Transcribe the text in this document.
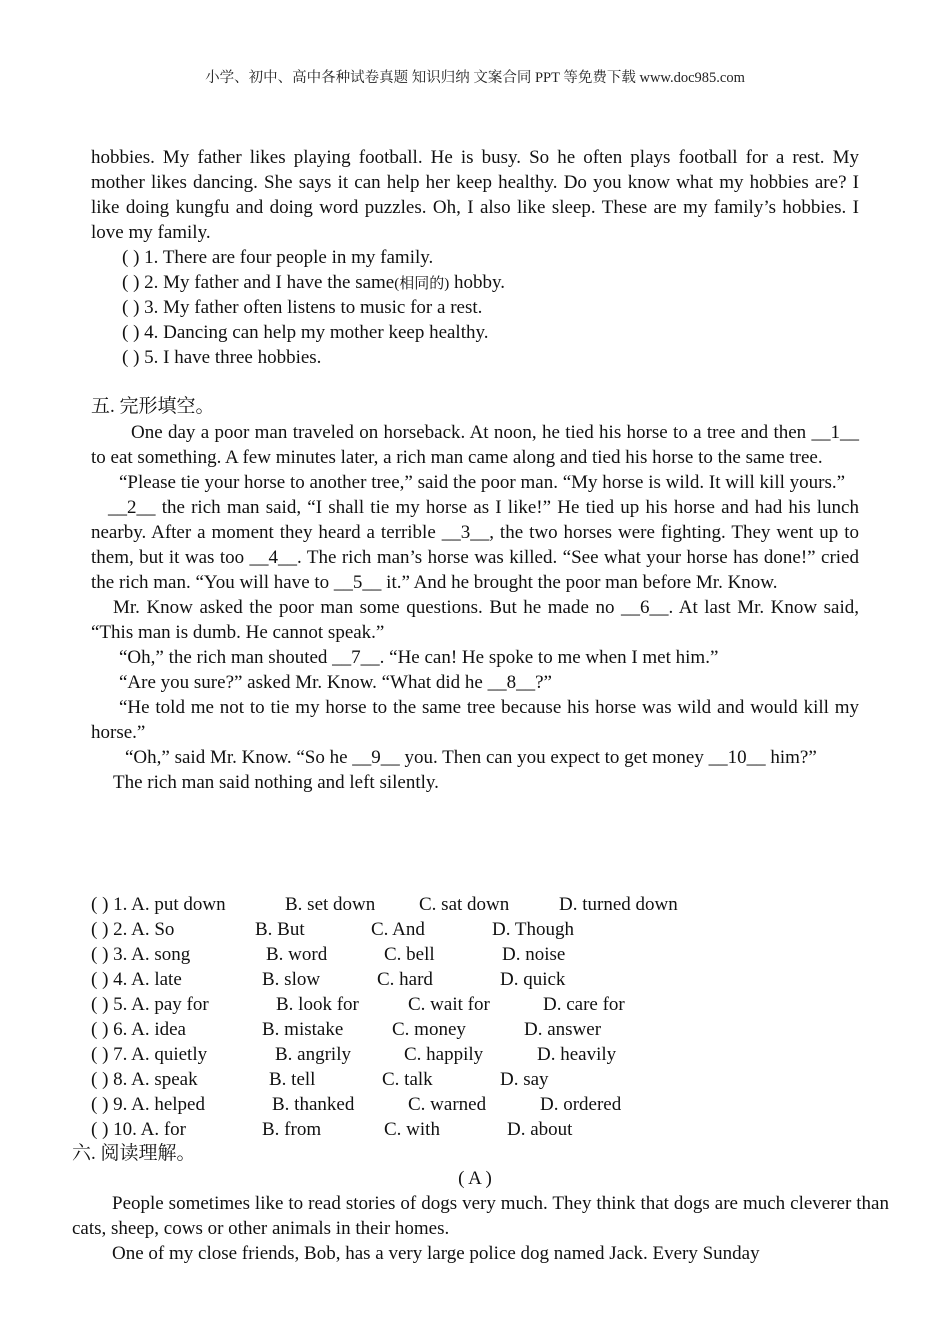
小学、初中、高中各种试卷真题 知识归纳 文案合同 PPT 等免费下载 www.doc985.com
hobbies. My father likes playing football. He is busy. So he often plays football for a rest. My mother likes dancing. She says it can help her keep healthy. Do you know what my hobbies are? I like doing kungfu and doing word puzzles. Oh, I also like sleep. These are my family’s hobbies. I love my family.
( ) 1. There are four people in my family.
( ) 2. My father and I have the same(相同的) hobby.
( ) 3. My father often listens to music for a rest.
( ) 4. Dancing can help my mother keep healthy.
( ) 5. I have three hobbies.
五. 完形填空。
One day a poor man traveled on horseback. At noon, he tied his horse to a tree and then __1__ to eat something. A few minutes later, a rich man came along and tied his horse to the same tree.
“Please tie your horse to another tree,” said the poor man. “My horse is wild. It will kill yours.”
__2__ the rich man said, “I shall tie my horse as I like!” He tied up his horse and had his lunch nearby. After a moment they heard a terrible __3__, the two horses were fighting. They went up to them, but it was too __4__. The rich man’s horse was killed. “See what your horse has done!” cried the rich man. “You will have to __5__ it.” And he brought the poor man before Mr. Know.
Mr. Know asked the poor man some questions. But he made no __6__. At last Mr. Know said, “This man is dumb. He cannot speak.”
“Oh,” the rich man shouted __7__. “He can! He spoke to me when I met him.”
“Are you sure?” asked Mr. Know. “What did he __8__?”
“He told me not to tie my horse to the same tree because his horse was wild and would kill my horse.”
“Oh,” said Mr. Know. “So he __9__ you. Then can you expect to get money __10__ him?”
The rich man said nothing and left silently.
( ) 1. A. put down	B. set down C. sat down	D. turned down
( ) 2. A. So	B. But	C. And	D. Though
( ) 3. A. song	B. word	C. bell	D. noise
( ) 4. A. late	B. slow	C. hard	D. quick
( ) 5. A. pay for	B. look for	C. wait for	D. care for
( ) 6. A. idea	B. mistake	C. money	D. answer
( ) 7. A. quietly	B. angrily	C. happily	D. heavily
( ) 8. A. speak	B. tell	C. talk	D. say
( ) 9. A. helped	B. thanked	C. warned	D. ordered
( ) 10. A. for	B. from	C. with	D. about
六. 阅读理解。
( A )
People sometimes like to read stories of dogs very much. They think that dogs are much cleverer than cats, sheep, cows or other animals in their homes.
One of my close friends, Bob, has a very large police dog named Jack. Every Sunday
